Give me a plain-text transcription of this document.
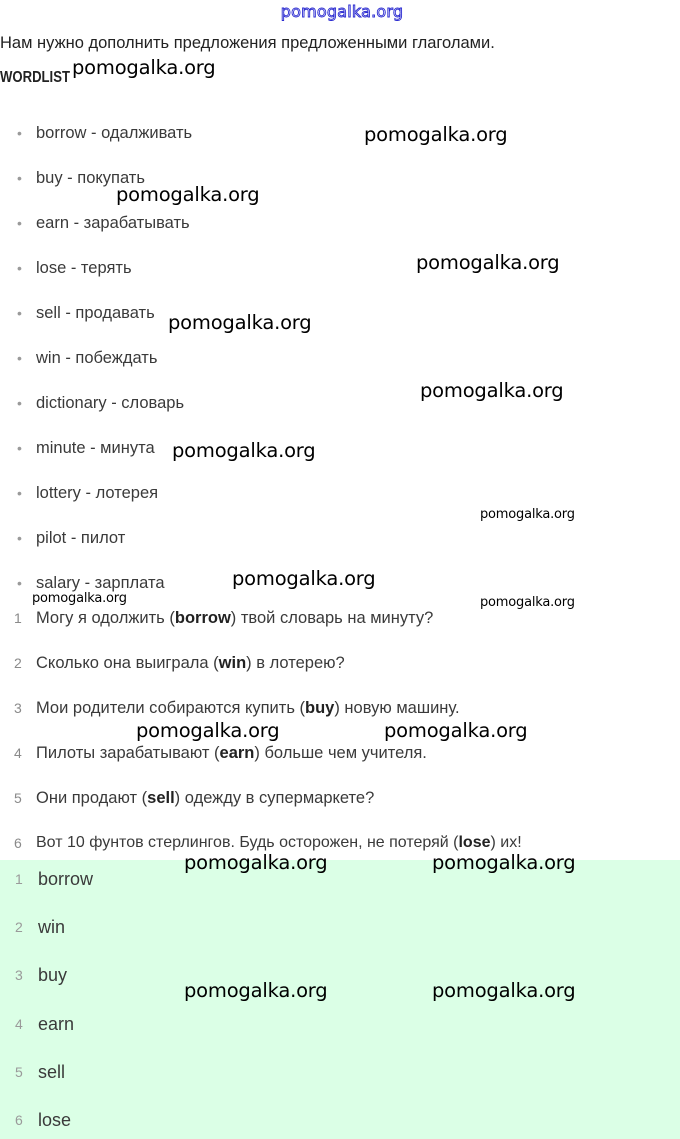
pomogalka.org
Нам нужно дополнить предложения предложенными глаголами.
WORDLIST
• borrow - одалживать
• buy - покупать
• earn - зарабатывать
• lose - терять
• sell - продавать
• win - побеждать
• dictionary - словарь
• minute - минута
• lottery - лотерея
• pilot - пилот
• salary - зарплата
1 Могу я одолжить (borrow) твой словарь на минуту?
2 Сколько она выиграла (win) в лотерею?
3 Мои родители собираются купить (buy) новую машину.
4 Пилоты зарабатывают (earn) больше чем учителя.
5 Они продают (sell) одежду в супермаркете?
6 Вот 10 фунтов стерлингов. Будь осторожен, не потеряй (lose) их!
1 borrow
2 win
3 buy
4 earn
5 sell
6 lose
pomogalka.org
pomogalka.org
pomogalka.org
pomogalka.org
pomogalka.org
pomogalka.org
pomogalka.org
pomogalka.org
pomogalka.org
pomogalka.org	pomogalka.org
pomogalka.org	pomogalka.org
pomogalka.org	pomogalka.org
pomogalka.org	pomogalka.org
